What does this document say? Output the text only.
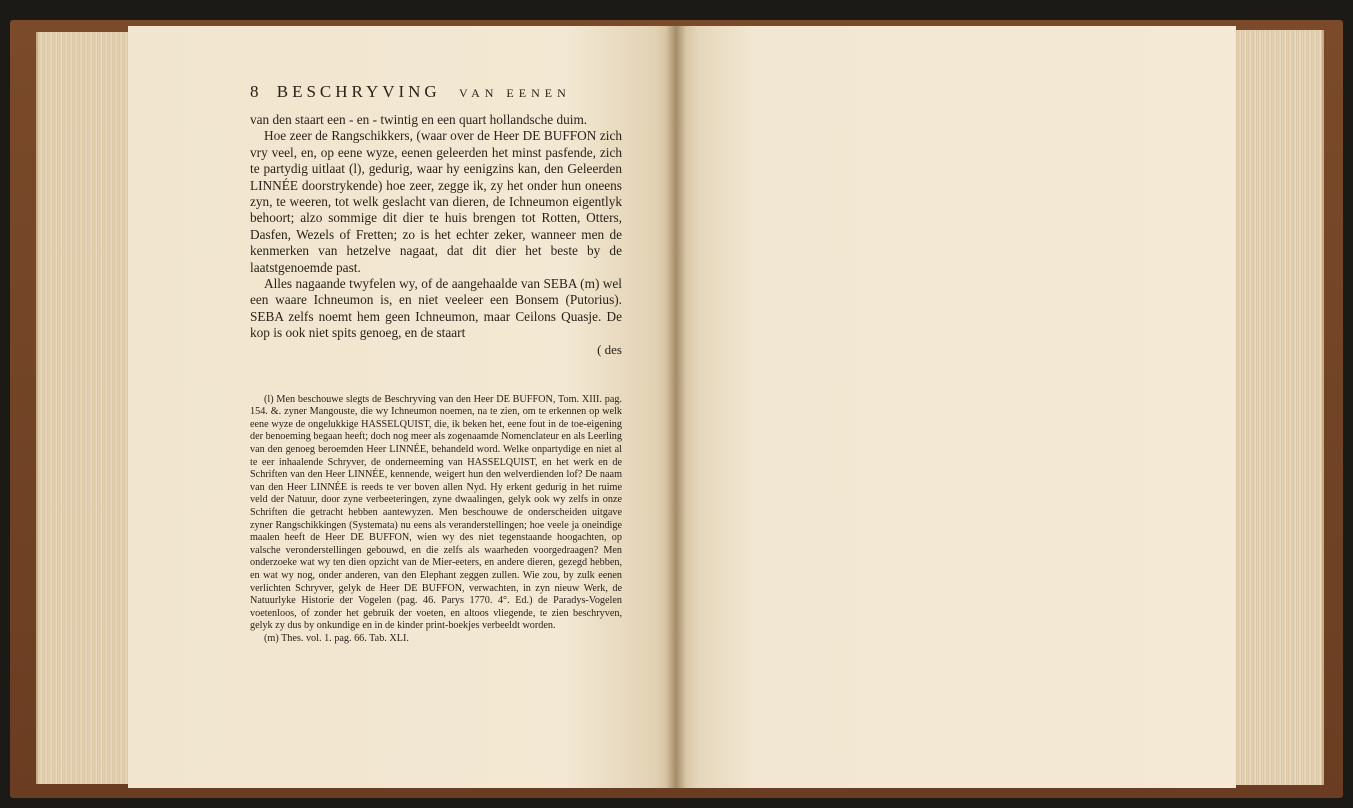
8 BESCHRYVING VAN EENEN

van den staart een - en - twintig en een quart hollandsche duim.

Hoe zeer de Rangschikkers, (waar over de Heer DE BUFFON zich vry veel, en, op eene wyze, eenen geleerden het minst pasfende, zich te partydig uitlaat (l), gedurig, waar hy eenigzins kan, den Geleerden LINNÉE doorstrykende) hoe zeer, zegge ik, zy het onder hun oneens zyn, te weeren, tot welk geslacht van dieren, de Ichneumon eigentlyk behoort; alzo sommige dit dier te huis brengen tot Rotten, Otters, Dasfen, Wezels of Fretten; zo is het echter zeker, wanneer men de kenmerken van hetzelve nagaat, dat dit dier het beste by de laatstgenoemde past.

Alles nagaande twyfelen wy, of de aangehaalde van SEBA (m) wel een waare Ichneumon is, en niet veeleer een Bonsem (Putorius). SEBA zelfs noemt hem geen Ichneumon, maar Ceilons Quasje. De kop is ook niet spits genoeg, en de staart

( des

(l) Men beschouwe slegts de Beschryving van den Heer DE BUFFON, Tom. XIII. pag. 154. &. zyner Mangouste, die wy Ichneumon noemen, na te zien, om te erkennen op welk eene wyze de ongelukkige HASSELQUIST, die, ik beken het, eene fout in de toe-eigening der benoeming begaan heeft; doch nog meer als zogenaamde Nomenclateur en als Leerling van den genoeg beroemden Heer LINNÉE, behandeld word. Welke onpartydige en niet al te eer inhaalende Schryver, de onderneeming van HASSELQUIST, en het werk en de Schriften van den Heer LINNÉE, kennende, weigert hun den welverdienden lof? De naam van den Heer LINNÉE is reeds te ver boven allen Nyd. Hy erkent gedurig in het ruime veld der Natuur, door zyne verbeeteringen, zyne dwaalingen, gelyk ook wy zelfs in onze Schriften die getracht hebben aantewyzen. Men beschouwe de onderscheiden uitgave zyner Rangschikkingen (Systemata) nu eens als veranderstellingen; hoe veele ja oneindige maalen heeft de Heer DE BUFFON, wien wy des niet tegenstaande hoogachten, op valsche veronderstellingen gebouwd, en die zelfs als waarheden voorgedraagen? Men onderzoeke wat wy ten dien opzicht van de Mier-eeters, en andere dieren, gezegd hebben, en wat wy nog, onder anderen, van den Elephant zeggen zullen. Wie zou, by zulk eenen verlichten Schryver, gelyk de Heer DE BUFFON, verwachten, in zyn nieuw Werk, de Natuurlyke Historie der Vogelen (pag. 46. Parys 1770. 4°. Ed.) de Paradys-Vogelen voetenloos, of zonder het gebruik der voeten, en altoos vliegende, te zien beschryven, gelyk zy dus by onkundige en in de kinder print-boekjes verbeeldt worden.

(m) Thes. vol. 1. pag. 66. Tab. XLI.
